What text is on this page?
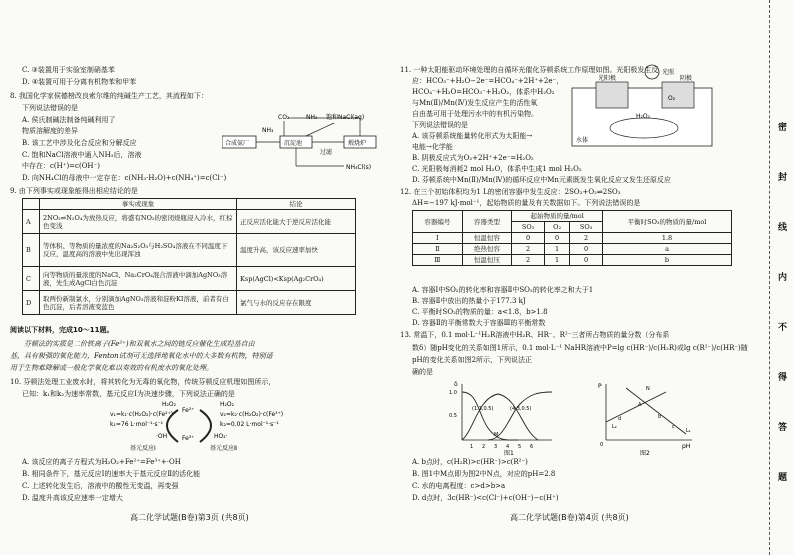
C. ③装置用于实验室制硝基苯
D. ④装置可用于分离有机物苯和甲苯
8. 我国化学家侯德榜改良索尔维的纯碱生产工艺，其流程如下：
下列说法错误的是
A. 侯氏制碱法制备纯碱利用了
物质溶解度的差异
B. 该工艺中涉及化合反应和分解反应
C. 饱和NaCl溶液中通入NH₃后，溶液
中存在：c(H⁺)=c(OH⁻)
D. 向NH₄Cl的母液中一定存在：c(NH₃·H₂O)+c(NH₄⁺)=c(Cl⁻)
CO₂	NH₃ 饱和NaCl(aq)
合成氨厂
NH₃
沉淀池
过滤
煅烧炉
NH₄Cl(s)
9. 由下列事实或现象能得出相应结论的是
	事实或现象	结论
A	2NO₂⇌N₂O₄为放热反应，将盛有NO₂的密闭烧瓶浸入冷水，红棕色变浅	正反应活化能大于逆反应活化能
B	等体积、等物质的量浓度的Na₂S₂O₃与H₂SO₄溶液在不同温度下反应，温度高的溶液中先出现浑浊	温度升高，该反应速率加快
C	向等物质的量浓度的NaCl、Na₂CrO₄混合溶液中滴加AgNO₃溶液，先生成AgCl白色沉淀	Ksp(AgCl)<Ksp(Ag₂CrO₄)
D	取两份新制氯水，分别滴加AgNO₃溶液和淀粉KI溶液，前者有白色沉淀，后者溶液变蓝色	氯气与水的反应存在限度
阅读以下材料，完成10～11题。
　　芬顿法的实质是二价铁离子(Fe²⁺)和双氧水之间的链反应催化生成羟基自由
基，具有极强的氧化能力，Fenton试剂可无选择地氧化水中的大多数有机物，特别适
用于生物难降解或一般化学氧化难以奏效的有机废水的氧化处理。
10. 芬顿法处理工业废水时，将其转化为无毒的氧化物，传统芬顿反应机理如图所示，
已知：k₁和k₂为速率常数，基元反应I为决速步骤，下列说法正确的是
H₂O₂
v₁=k₁·c(H₂O₂)·c(Fe²⁺)
k₁=76 L·mol⁻¹·s⁻¹
Fe²⁺
Fe³⁺
H₂O₂
v₂=k₂·c(H₂O₂)·c(Fe³⁺)
k₂=0.02 L·mol⁻¹·s⁻¹
·OH	HO₂·
基元反应Ⅰ	基元反应Ⅱ
A. 该反应的离子方程式为H₂O₂+Fe²⁺=Fe³⁺+·OH
B. 相同条件下，基元反应Ⅰ的速率大于基元反应Ⅱ的活化能
C. 上述转化发生后，溶液中的酸性无变温，再变强
D. 温度升高该反应速率一定增大
高二化学试题(B卷)第3页 (共8页)
11. 一种太阳能驱动环境处理的自循环光催化芬顿系统工作原理如图。光阳极发生反
应：HCO₃⁻+H₂O−2e⁻=HCO₄⁻+2H⁺+2e⁻，
HCO₄⁻+H₂O=HCO₃⁻+H₂O₂，体系中H₂O₂
与Mn(Ⅱ)/Mn(Ⅳ)发生反应产生的活性氧
自由基可用于处理污水中的有机污染物。
下列说法错误的是
A. 该芬顿系统能量转化形式为太阳能→
电能→化学能
B. 阴极反应式为O₂+2H⁺+2e⁻=H₂O₂
C. 光阳极每消耗2 mol H₂O，体系中生成1 mol H₂O₂
D. 芬顿系统中Mn(Ⅱ)/Mn(Ⅳ)的循环反应中Mn元素既发生氧化反应又发生还原反应
光照
光阳极	阴极
水体
O₂
H₂O₂
12. 在三个初始体积均为1 L的密闭容器中发生反应：2SO₂+O₂⇌2SO₃
ΔH=−197 kJ·mol⁻¹，起始物质的量及有关数据如下。下列说法错误的是
容器编号	容器类型	起始物质的量/mol			平衡时SO₃的物质的量/mol
		SO₂	O₂	SO₃	
Ⅰ	恒温恒容	0	0	2	1.8
Ⅱ	绝热恒容	2	1	0	a
Ⅲ	恒温恒压	2	1	0	b
A. 容器Ⅰ中SO₂的转化率和容器Ⅱ中SO₂的转化率之和大于1
B. 容器Ⅱ中放出的热量小于177.3 kJ
C. 平衡时SO₂的物质的量：a<1.8，b>1.8
D. 容器Ⅱ的平衡常数大于容器Ⅲ的平衡常数
13. 常温下，0.1 mol·L⁻¹H₂R溶液中H₂R、HR⁻、R²⁻三者所占物质的量分数（分布系
数δ）随pH变化的关系如图1所示，0.1 mol·L⁻¹ NaHR溶液中P=lg c(HR⁻)/c(H₂R)或lg c(R²⁻)/c(HR⁻)随
pH的变化关系如图2所示，下列说法正
确的是
δ
1.0
0.5
(1.3,0.5)	(4.3,0.5)
M
1 2 3 4 5 6
图1
P
0
N
A
d	b
c
L₁
L₂
pH
图2
A. b点时，c(H₂R)>c(HR⁻)>c(R²⁻)
B. 图1中M点即为图2中N点，对应的pH=2.8
C. 水的电离程度：c>d>b>a
D. d点时，3c(HR⁻)<c(Cl⁻)+c(OH⁻)−c(H⁺)
高二化学试题(B卷)第4页 (共8页)
密
封
线
内
不
得
答
题
